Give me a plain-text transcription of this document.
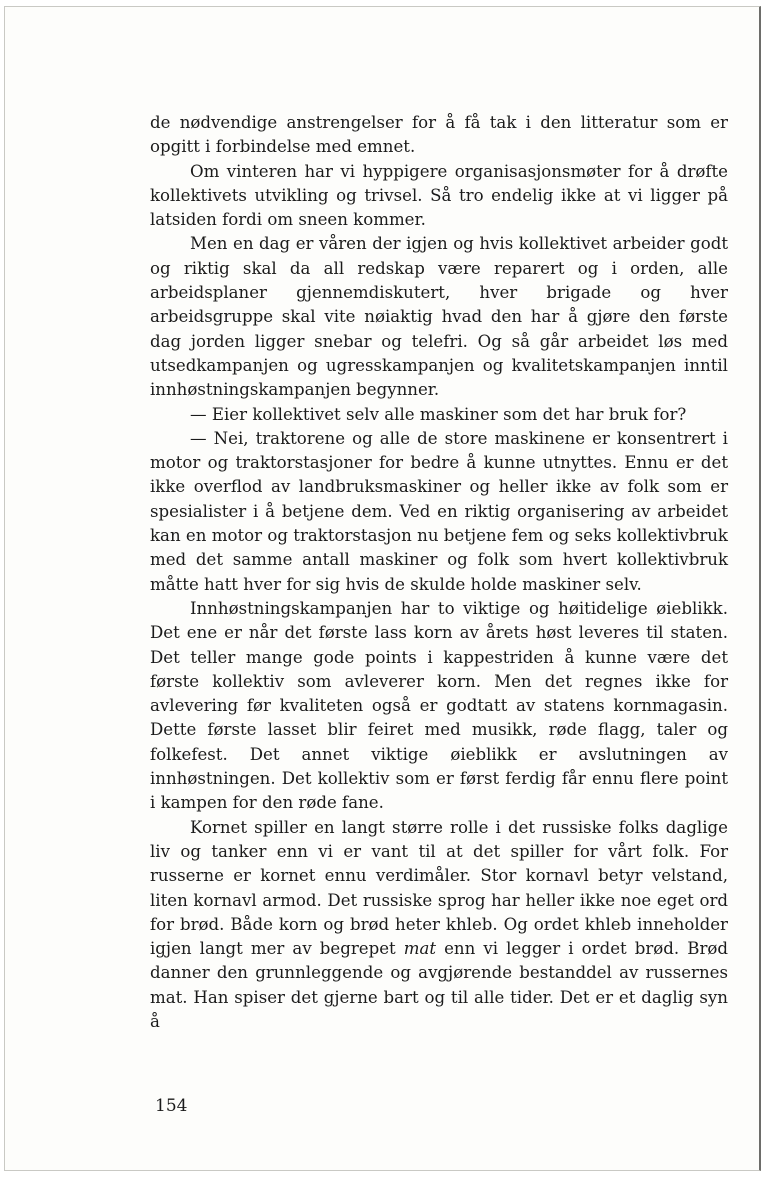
de nødvendige anstrengelser for å få tak i den litteratur som er opgitt i forbindelse med emnet.

Om vinteren har vi hyppigere organisasjonsmøter for å drøfte kollektivets utvikling og trivsel. Så tro endelig ikke at vi ligger på latsiden fordi om sneen kommer.

Men en dag er våren der igjen og hvis kollektivet arbeider godt og riktig skal da all redskap være reparert og i orden, alle arbeidsplaner gjennemdiskutert, hver brigade og hver arbeidsgruppe skal vite nøiaktig hvad den har å gjøre den første dag jorden ligger snebar og telefri. Og så går arbeidet løs med utsedkampanjen og ugresskampanjen og kvalitetskampanjen inntil innhøstningskampanjen begynner.

— Eier kollektivet selv alle maskiner som det har bruk for?

— Nei, traktorene og alle de store maskinene er konsentrert i motor og traktorstasjoner for bedre å kunne utnyttes. Ennu er det ikke overflod av landbruksmaskiner og heller ikke av folk som er spesialister i å betjene dem. Ved en riktig organisering av arbeidet kan en motor og traktorstasjon nu betjene fem og seks kollektivbruk med det samme antall maskiner og folk som hvert kollektivbruk måtte hatt hver for sig hvis de skulde holde maskiner selv.

Innhøstningskampanjen har to viktige og høitidelige øieblikk. Det ene er når det første lass korn av årets høst leveres til staten. Det teller mange gode points i kappestriden å kunne være det første kollektiv som avleverer korn. Men det regnes ikke for avlevering før kvaliteten også er godtatt av statens kornmagasin. Dette første lasset blir feiret med musikk, røde flagg, taler og folkefest. Det annet viktige øieblikk er avslutningen av innhøstningen. Det kollektiv som er først ferdig får ennu flere point i kampen for den røde fane.

Kornet spiller en langt større rolle i det russiske folks daglige liv og tanker enn vi er vant til at det spiller for vårt folk. For russerne er kornet ennu verdimåler. Stor kornavl betyr velstand, liten kornavl armod. Det russiske sprog har heller ikke noe eget ord for brød. Både korn og brød heter khleb. Og ordet khleb inneholder igjen langt mer av begrepet mat enn vi legger i ordet brød. Brød danner den grunnleggende og avgjørende bestanddel av russernes mat. Han spiser det gjerne bart og til alle tider. Det er et daglig syn å

154
